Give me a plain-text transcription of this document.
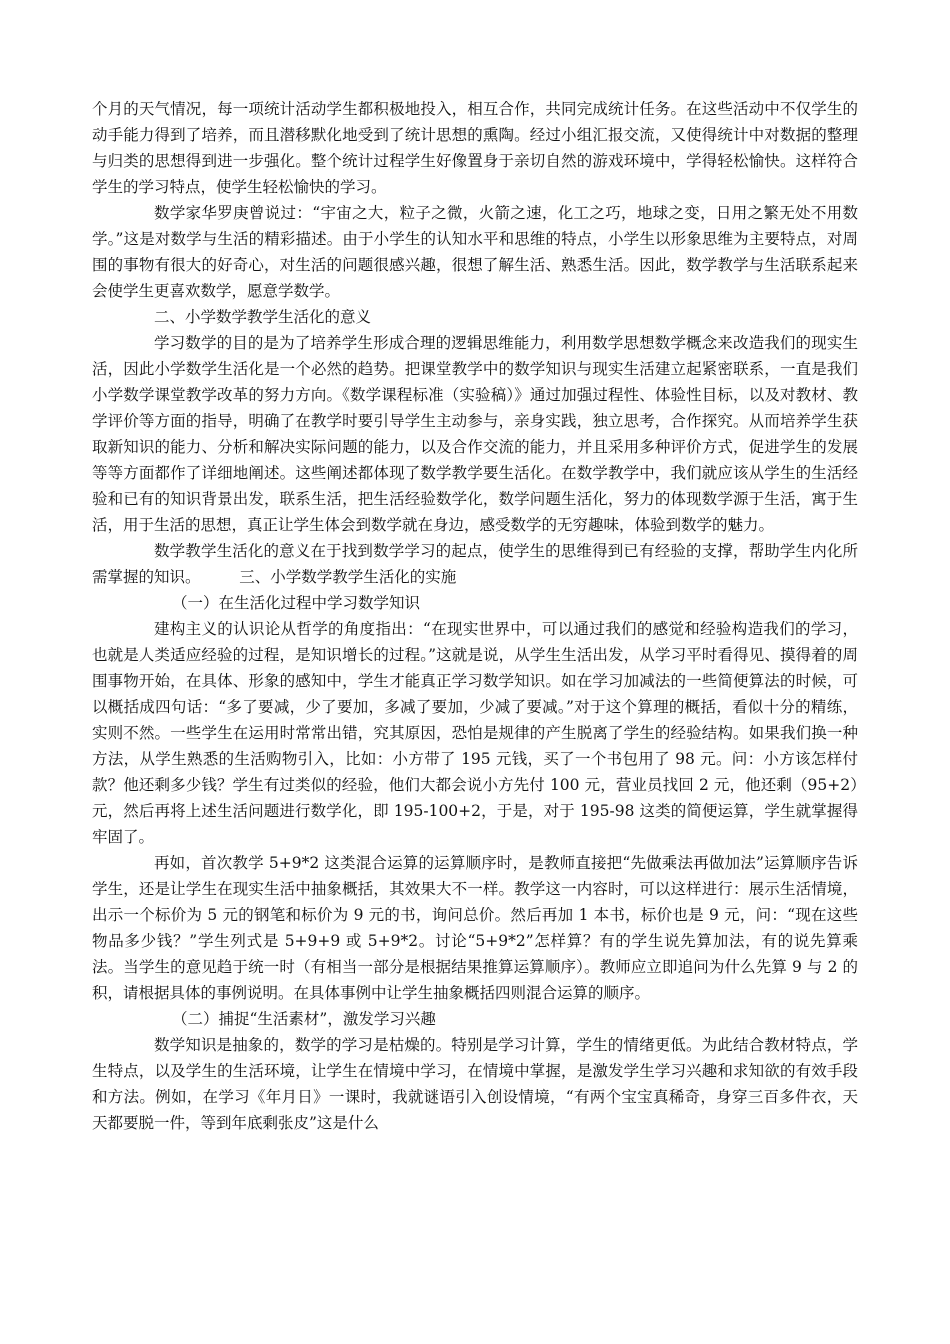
个月的天气情况，每一项统计活动学生都积极地投入，相互合作，共同完成统计任务。在这些活动中不仅学生的动手能力得到了培养，而且潜移默化地受到了统计思想的熏陶。经过小组汇报交流，又使得统计中对数据的整理与归类的思想得到进一步强化。整个统计过程学生好像置身于亲切自然的游戏环境中，学得轻松愉快。这样符合学生的学习特点，使学生轻松愉快的学习。

数学家华罗庚曾说过：“宇宙之大，粒子之微，火箭之速，化工之巧，地球之变，日用之繁无处不用数学。”这是对数学与生活的精彩描述。由于小学生的认知水平和思维的特点，小学生以形象思维为主要特点，对周围的事物有很大的好奇心，对生活的问题很感兴趣，很想了解生活、熟悉生活。因此，数学教学与生活联系起来会使学生更喜欢数学，愿意学数学。

二、小学数学教学生活化的意义

学习数学的目的是为了培养学生形成合理的逻辑思维能力，利用数学思想数学概念来改造我们的现实生活，因此小学数学生活化是一个必然的趋势。把课堂教学中的数学知识与现实生活建立起紧密联系，一直是我们小学数学课堂教学改革的努力方向。《数学课程标准（实验稿）》通过加强过程性、体验性目标，以及对教材、教学评价等方面的指导，明确了在教学时要引导学生主动参与，亲身实践，独立思考，合作探究。从而培养学生获取新知识的能力、分析和解决实际问题的能力，以及合作交流的能力，并且采用多种评价方式，促进学生的发展等等方面都作了详细地阐述。这些阐述都体现了数学教学要生活化。在数学教学中，我们就应该从学生的生活经验和已有的知识背景出发，联系生活，把生活经验数学化，数学问题生活化，努力的体现数学源于生活，寓于生活，用于生活的思想，真正让学生体会到数学就在身边，感受数学的无穷趣味，体验到数学的魅力。

数学教学生活化的意义在于找到数学学习的起点，使学生的思维得到已有经验的支撑，帮助学生内化所需掌握的知识。　　　三、小学数学教学生活化的实施

（一）在生活化过程中学习数学知识

建构主义的认识论从哲学的角度指出：“在现实世界中，可以通过我们的感觉和经验构造我们的学习，也就是人类适应经验的过程，是知识增长的过程。”这就是说，从学生生活出发，从学习平时看得见、摸得着的周围事物开始，在具体、形象的感知中，学生才能真正学习数学知识。如在学习加减法的一些简便算法的时候，可以概括成四句话：“多了要减，少了要加，多减了要加，少减了要减。”对于这个算理的概括，看似十分的精练，实则不然。一些学生在运用时常常出错，究其原因，恐怕是规律的产生脱离了学生的经验结构。如果我们换一种方法，从学生熟悉的生活购物引入，比如：小方带了 195 元钱，买了一个书包用了 98 元。问：小方该怎样付款？他还剩多少钱？学生有过类似的经验，他们大都会说小方先付 100 元，营业员找回 2 元，他还剩（95+2）元，然后再将上述生活问题进行数学化，即 195-100+2，于是，对于 195-98 这类的简便运算，学生就掌握得牢固了。

再如，首次教学 5+9*2 这类混合运算的运算顺序时，是教师直接把“先做乘法再做加法”运算顺序告诉学生，还是让学生在现实生活中抽象概括，其效果大不一样。教学这一内容时，可以这样进行：展示生活情境，出示一个标价为 5 元的钢笔和标价为 9 元的书，询问总价。然后再加 1 本书，标价也是 9 元，问：“现在这些物品多少钱？”学生列式是 5+9+9 或 5+9*2。讨论“5+9*2”怎样算？有的学生说先算加法，有的说先算乘法。当学生的意见趋于统一时（有相当一部分是根据结果推算运算顺序）。教师应立即追问为什么先算 9 与 2 的积，请根据具体的事例说明。在具体事例中让学生抽象概括四则混合运算的顺序。

（二）捕捉“生活素材”，激发学习兴趣

数学知识是抽象的，数学的学习是枯燥的。特别是学习计算，学生的情绪更低。为此结合教材特点，学生特点，以及学生的生活环境，让学生在情境中学习，在情境中掌握，是激发学生学习兴趣和求知欲的有效手段和方法。例如，在学习《年月日》一课时，我就谜语引入创设情境，“有两个宝宝真稀奇，身穿三百多件衣，天天都要脱一件，等到年底剩张皮”这是什么
